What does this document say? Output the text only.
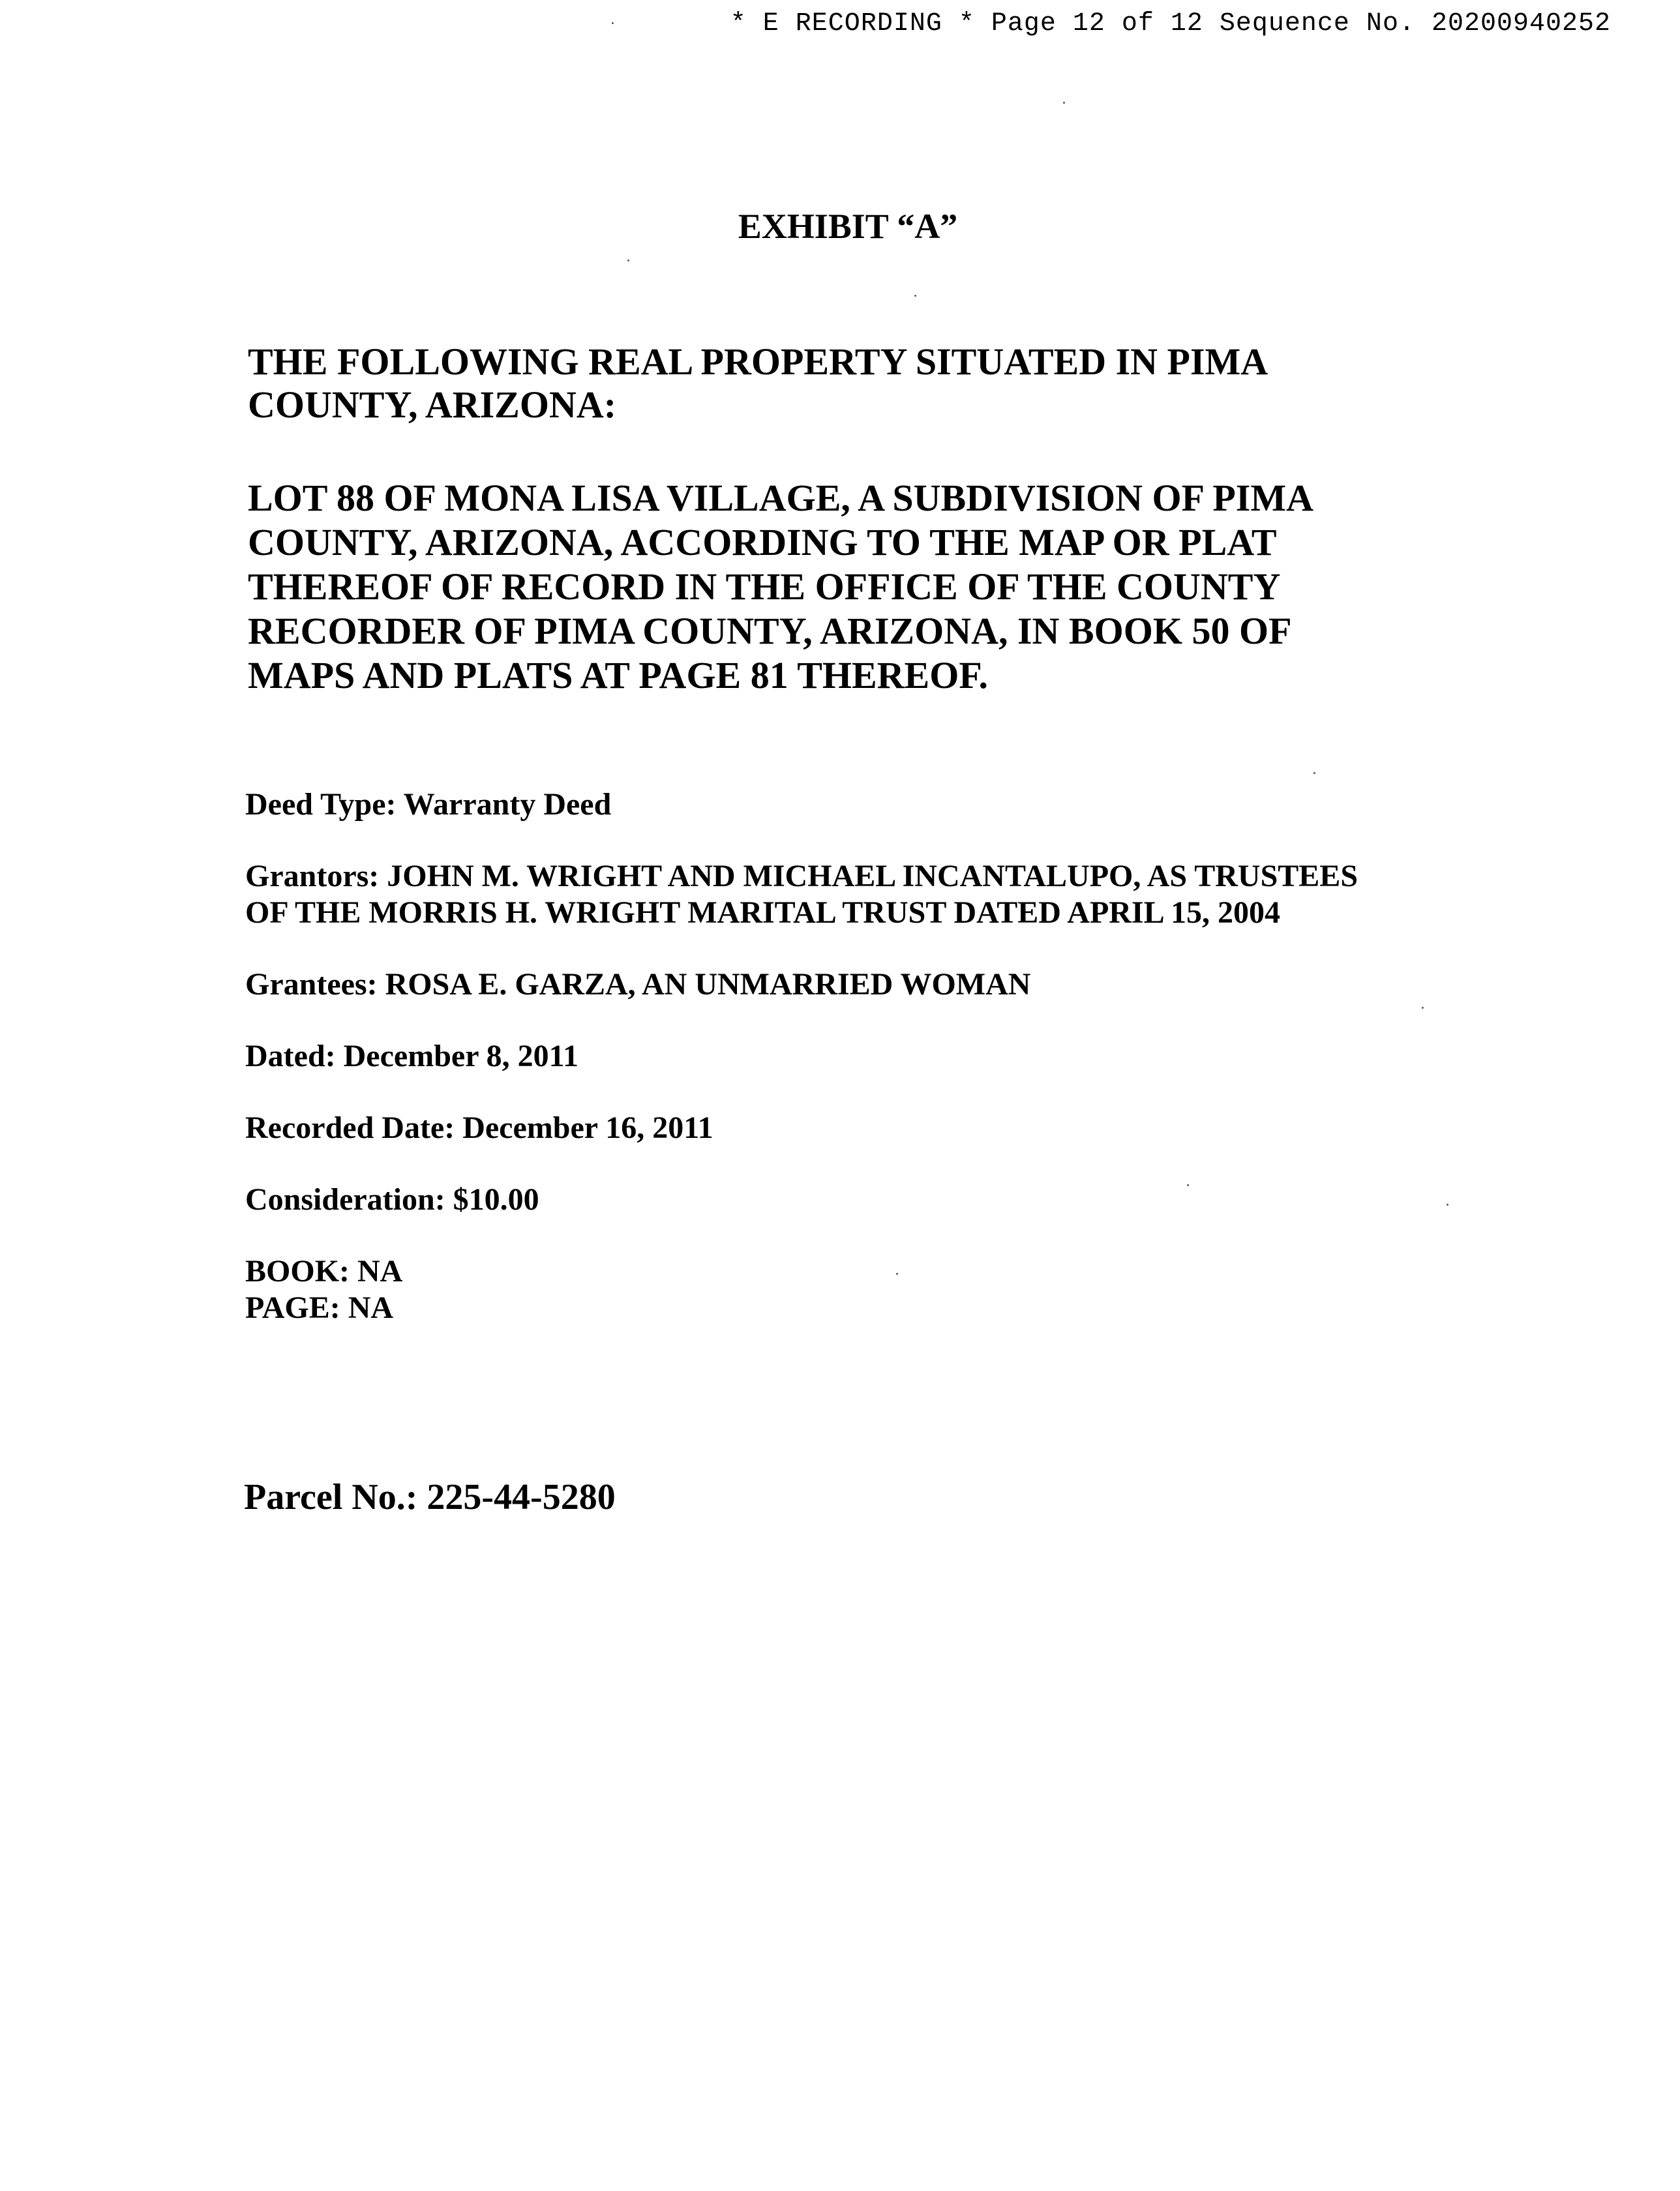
* E RECORDING * Page 12 of 12 Sequence No. 20200940252
EXHIBIT “A”
THE FOLLOWING REAL PROPERTY SITUATED IN PIMA
COUNTY, ARIZONA:
LOT 88 OF MONA LISA VILLAGE, A SUBDIVISION OF PIMA
COUNTY, ARIZONA, ACCORDING TO THE MAP OR PLAT
THEREOF OF RECORD IN THE OFFICE OF THE COUNTY
RECORDER OF PIMA COUNTY, ARIZONA, IN BOOK 50 OF
MAPS AND PLATS AT PAGE 81 THEREOF.
Deed Type: Warranty Deed
Grantors: JOHN M. WRIGHT AND MICHAEL INCANTALUPO, AS TRUSTEES
OF THE MORRIS H. WRIGHT MARITAL TRUST DATED APRIL 15, 2004
Grantees: ROSA E. GARZA, AN UNMARRIED WOMAN
Dated: December 8, 2011
Recorded Date: December 16, 2011
Consideration: $10.00
BOOK: NA
PAGE: NA
Parcel No.: 225-44-5280
